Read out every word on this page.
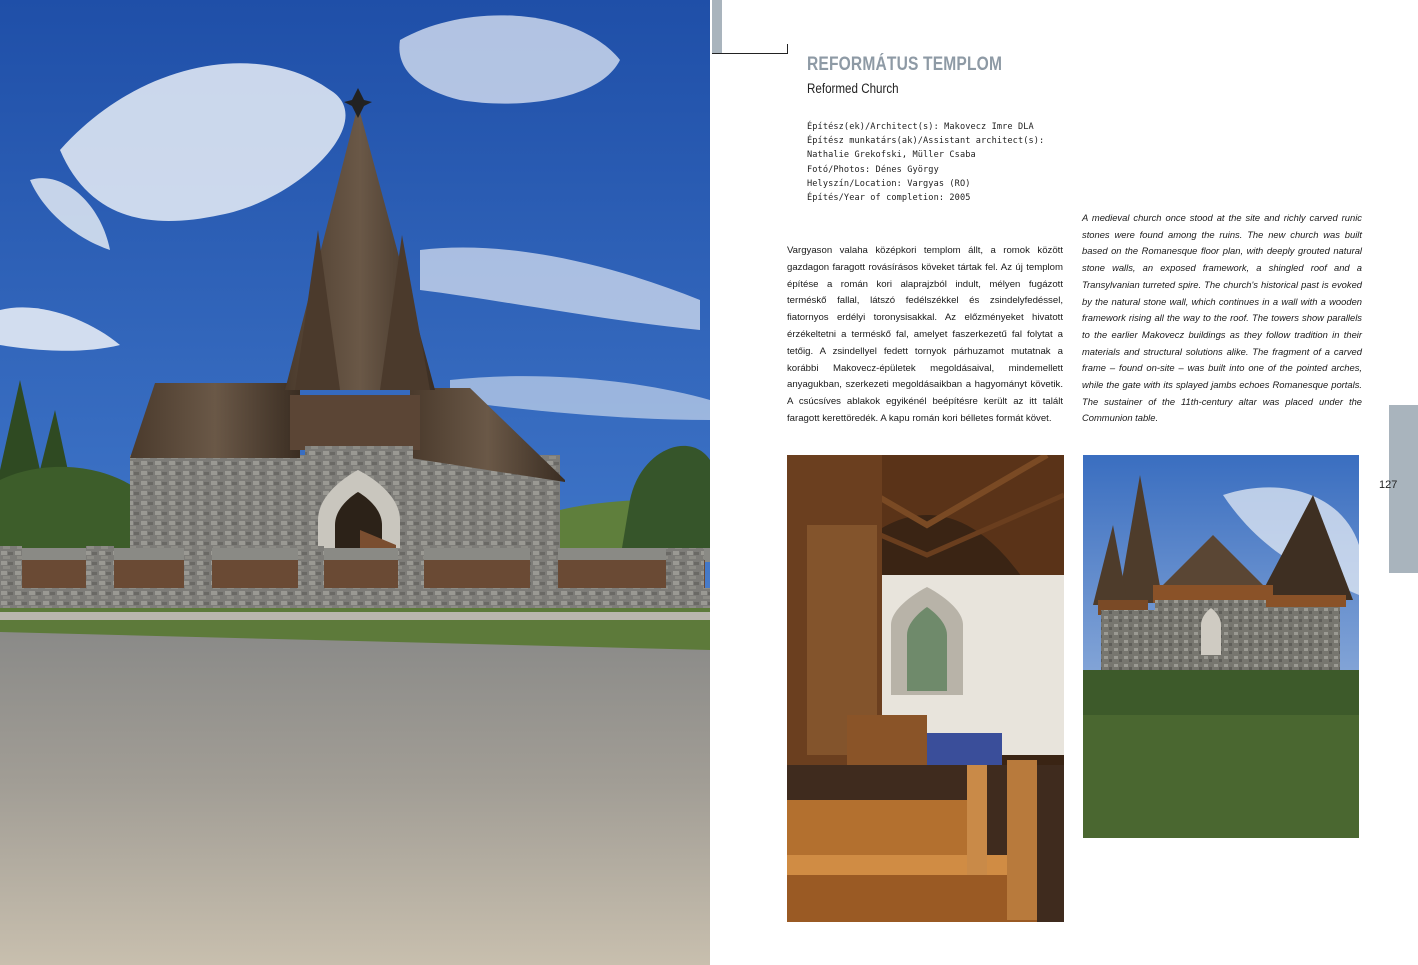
REFORMÁTUS TEMPLOM
Reformed Church
Építész(ek)/Architect(s): Makovecz Imre DLA
Építész munkatárs(ak)/Assistant architect(s):
Nathalie Grekofski, Müller Csaba
Fotó/Photos: Dénes György
Helyszín/Location: Vargyas (RO)
Építés/Year of completion: 2005
Vargyason valaha középkori templom állt, a romok között gazdagon faragott rovásírásos köveket tártak fel. Az új templom építése a román kori alaprajzból indult, mélyen fugázott terméskő fallal, látszó fedélszékkel és zsindelyfedéssel, fiatornyos erdélyi toronysisakkal. Az előzményeket hivatott érzékeltetni a terméskő fal, amelyet faszerkezetű fal folytat a tetőig. A zsindellyel fedett tornyok párhuzamot mutatnak a korábbi Makovecz-épületek megoldásaival, mindemellett anyagukban, szerkezeti megoldásaikban a hagyományt követik. A csúcsíves ablakok egyikénél beépítésre került az itt talált faragott kerettöredék. A kapu román kori bélletes formát követ.
A medieval church once stood at the site and richly carved runic stones were found among the ruins. The new church was built based on the Romanesque floor plan, with deeply grouted natural stone walls, an exposed framework, a shingled roof and a Transylvanian turreted spire. The church's historical past is evoked by the natural stone wall, which continues in a wall with a wooden framework rising all the way to the roof. The towers show parallels to the earlier Makovecz buildings as they follow tradition in their materials and structural solutions alike. The fragment of a carved frame – found on-site – was built into one of the pointed arches, while the gate with its splayed jambs echoes Romanesque portals. The sustainer of the 11th-century altar was placed under the Communion table.
127
